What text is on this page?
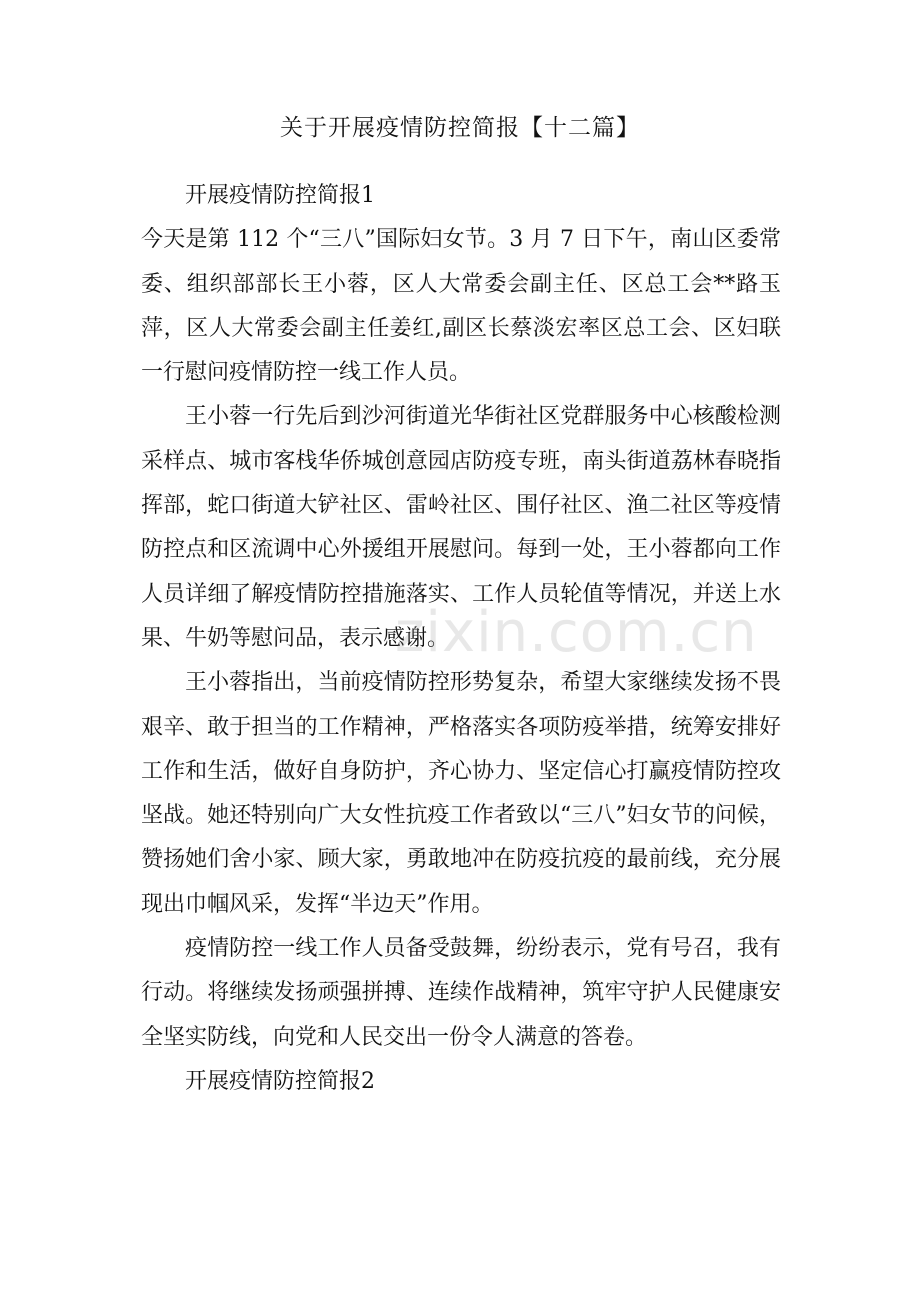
关于开展疫情防控简报【十二篇】

开展疫情防控简报1

今天是第 112 个“三八”国际妇女节。3 月 7 日下午，南山区委常委、组织部部长王小蓉，区人大常委会副主任、区总工会**路玉萍，区人大常委会副主任姜红,副区长蔡淡宏率区总工会、区妇联一行慰问疫情防控一线工作人员。

王小蓉一行先后到沙河街道光华街社区党群服务中心核酸检测采样点、城市客栈华侨城创意园店防疫专班，南头街道荔林春晓指挥部，蛇口街道大铲社区、雷岭社区、围仔社区、渔二社区等疫情防控点和区流调中心外援组开展慰问。每到一处，王小蓉都向工作人员详细了解疫情防控措施落实、工作人员轮值等情况，并送上水果、牛奶等慰问品，表示感谢。

王小蓉指出，当前疫情防控形势复杂，希望大家继续发扬不畏艰辛、敢于担当的工作精神，严格落实各项防疫举措，统筹安排好工作和生活，做好自身防护，齐心协力、坚定信心打赢疫情防控攻坚战。她还特别向广大女性抗疫工作者致以“三八”妇女节的问候，赞扬她们舍小家、顾大家，勇敢地冲在防疫抗疫的最前线，充分展现出巾帼风采，发挥“半边天”作用。

疫情防控一线工作人员备受鼓舞，纷纷表示，党有号召，我有行动。将继续发扬顽强拼搏、连续作战精神，筑牢守护人民健康安全坚实防线，向党和人民交出一份令人满意的答卷。

开展疫情防控简报2

zixin.com.cn
